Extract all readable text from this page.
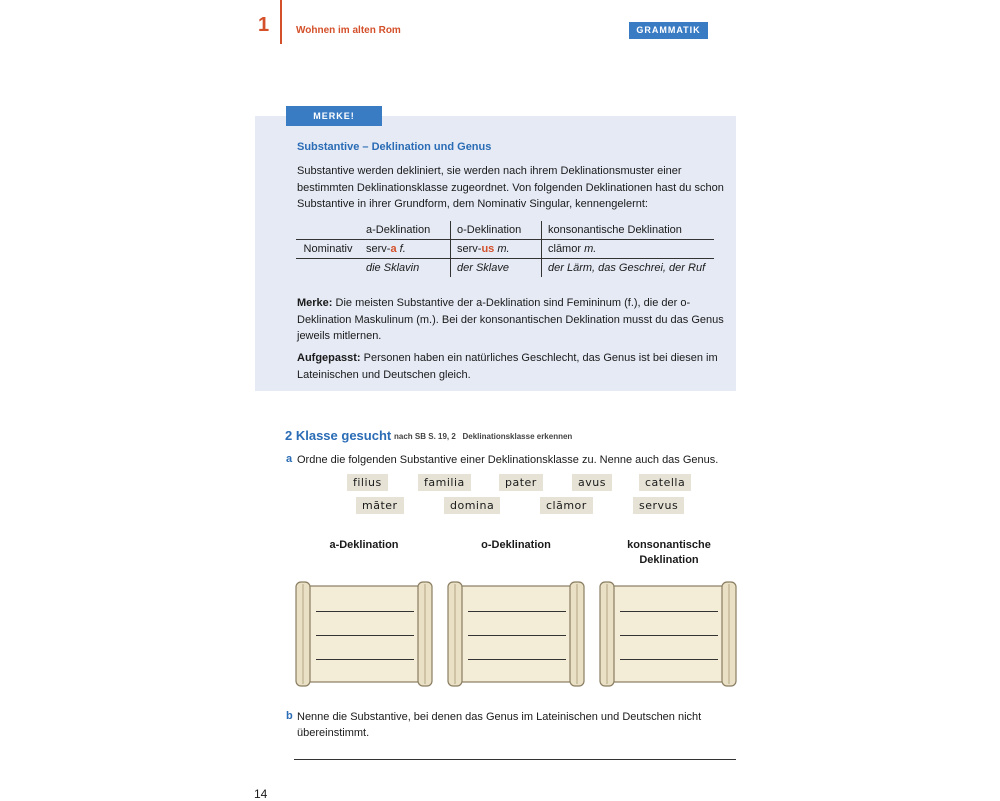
1	Wohnen im alten Rom	GRAMMATIK
MERKE!
Substantive – Deklination und Genus
Substantive werden dekliniert, sie werden nach ihrem Deklinationsmuster einer bestimmten Deklinationsklasse zugeordnet. Von folgenden Deklinationen hast du schon Substantive in ihrer Grundform, dem Nominativ Singular, kennengelernt:
	a-Deklination	o-Deklination	konsonantische Deklination
Nominativ	serv-a f.	serv-us m.	clāmor m.
	die Sklavin	der Sklave	der Lärm, das Geschrei, der Ruf
Merke: Die meisten Substantive der a-Deklination sind Femininum (f.), die der o-Deklination Maskulinum (m.). Bei der konsonantischen Deklination musst du das Genus jeweils mitlernen.
Aufgepasst: Personen haben ein natürliches Geschlecht, das Genus ist bei diesen im Lateinischen und Deutschen gleich.
2 Klasse gesucht nach SB S. 19, 2 Deklinationsklasse erkennen
a Ordne die folgenden Substantive einer Deklinationsklasse zu. Nenne auch das Genus.
filius	familia	pater	avus	catella
māter	domina	clāmor	servus
a-Deklination	o-Deklination	konsonantische Deklination
b Nenne die Substantive, bei denen das Genus im Lateinischen und Deutschen nicht übereinstimmt.
14
